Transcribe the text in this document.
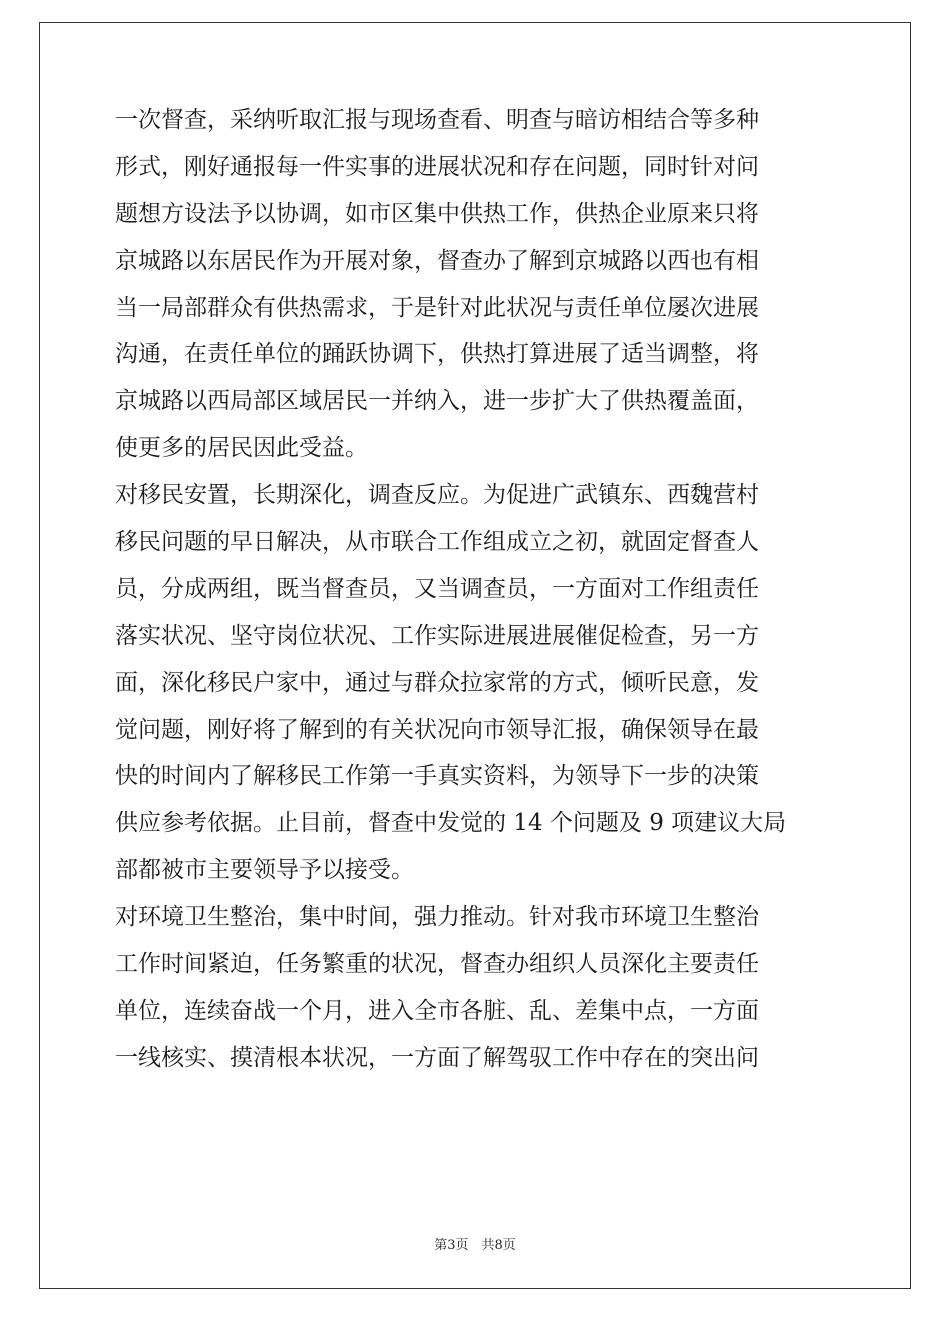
一次督查，采纳听取汇报与现场查看、明查与暗访相结合等多种
形式，刚好通报每一件实事的进展状况和存在问题，同时针对问
题想方设法予以协调，如市区集中供热工作，供热企业原来只将
京城路以东居民作为开展对象，督查办了解到京城路以西也有相
当一局部群众有供热需求，于是针对此状况与责任单位屡次进展
沟通，在责任单位的踊跃协调下，供热打算进展了适当调整，将
京城路以西局部区域居民一并纳入，进一步扩大了供热覆盖面，
使更多的居民因此受益。
对移民安置，长期深化，调查反应。为促进广武镇东、西魏营村
移民问题的早日解决，从市联合工作组成立之初，就固定督查人
员，分成两组，既当督查员，又当调查员，一方面对工作组责任
落实状况、坚守岗位状况、工作实际进展进展催促检查，另一方
面，深化移民户家中，通过与群众拉家常的方式，倾听民意，发
觉问题，刚好将了解到的有关状况向市领导汇报，确保领导在最
快的时间内了解移民工作第一手真实资料，为领导下一步的决策
供应参考依据。止目前，督查中发觉的 14 个问题及 9 项建议大局
部都被市主要领导予以接受。
对环境卫生整治，集中时间，强力推动。针对我市环境卫生整治
工作时间紧迫，任务繁重的状况，督查办组织人员深化主要责任
单位，连续奋战一个月，进入全市各脏、乱、差集中点，一方面
一线核实、摸清根本状况，一方面了解驾驭工作中存在的突出问
第3页　共8页
